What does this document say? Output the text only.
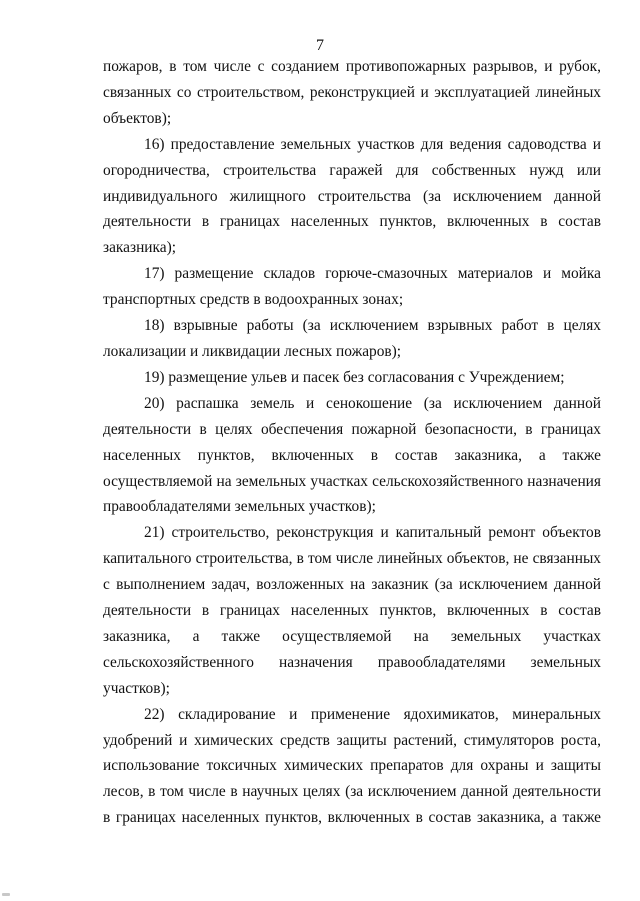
7

пожаров, в том числе с созданием противопожарных разрывов, и рубок, связанных со строительством, реконструкцией и эксплуатацией линейных объектов);

16) предоставление земельных участков для ведения садоводства и огородничества, строительства гаражей для собственных нужд или индивидуального жилищного строительства (за исключением данной деятельности в границах населенных пунктов, включенных в состав заказника);

17) размещение складов горюче-смазочных материалов и мойка транспортных средств в водоохранных зонах;

18) взрывные работы (за исключением взрывных работ в целях локализации и ликвидации лесных пожаров);

19) размещение ульев и пасек без согласования с Учреждением;

20) распашка земель и сенокошение (за исключением данной деятельности в целях обеспечения пожарной безопасности, в границах населенных пунктов, включенных в состав заказника, а также осуществляемой на земельных участках сельскохозяйственного назначения правообладателями земельных участков);

21) строительство, реконструкция и капитальный ремонт объектов капитального строительства, в том числе линейных объектов, не связанных с выполнением задач, возложенных на заказник (за исключением данной деятельности в границах населенных пунктов, включенных в состав заказника, а также осуществляемой на земельных участках сельскохозяйственного назначения правообладателями земельных участков);

22) складирование и применение ядохимикатов, минеральных удобрений и химических средств защиты растений, стимуляторов роста, использование токсичных химических препаратов для охраны и защиты лесов, в том числе в научных целях (за исключением данной деятельности в границах населенных пунктов, включенных в состав заказника, а также
